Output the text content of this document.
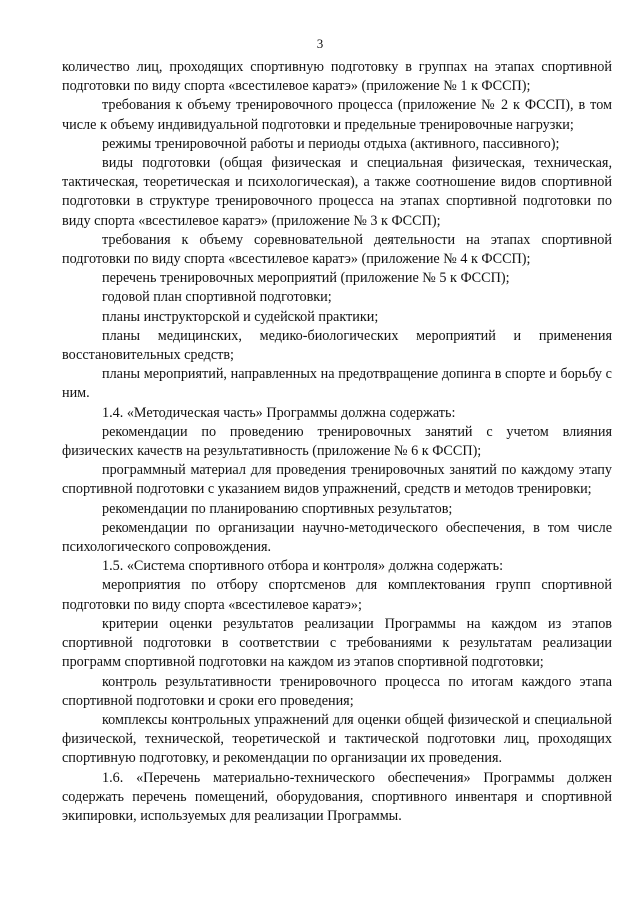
3

количество лиц, проходящих спортивную подготовку в группах на этапах спортивной подготовки по виду спорта «всестилевое каратэ» (приложение № 1 к ФССП);

требования к объему тренировочного процесса (приложение № 2 к ФССП), в том числе к объему индивидуальной подготовки и предельные тренировочные нагрузки;

режимы тренировочной работы и периоды отдыха (активного, пассивного);

виды подготовки (общая физическая и специальная физическая, техническая, тактическая, теоретическая и психологическая), а также соотношение видов спортивной подготовки в структуре тренировочного процесса на этапах спортивной подготовки по виду спорта «всестилевое каратэ» (приложение № 3 к ФССП);

требования к объему соревновательной деятельности на этапах спортивной подготовки по виду спорта «всестилевое каратэ» (приложение № 4 к ФССП);

перечень тренировочных мероприятий (приложение № 5 к ФССП);

годовой план спортивной подготовки;

планы инструкторской и судейской практики;

планы медицинских, медико-биологических мероприятий и применения восстановительных средств;

планы мероприятий, направленных на предотвращение допинга в спорте и борьбу с ним.

1.4. «Методическая часть» Программы должна содержать:

рекомендации по проведению тренировочных занятий с учетом влияния физических качеств на результативность (приложение № 6 к ФССП);

программный материал для проведения тренировочных занятий по каждому этапу спортивной подготовки с указанием видов упражнений, средств и методов тренировки;

рекомендации по планированию спортивных результатов;

рекомендации по организации научно-методического обеспечения, в том числе психологического сопровождения.

1.5. «Система спортивного отбора и контроля» должна содержать:

мероприятия по отбору спортсменов для комплектования групп спортивной подготовки по виду спорта «всестилевое каратэ»;

критерии оценки результатов реализации Программы на каждом из этапов спортивной подготовки в соответствии с требованиями к результатам реализации программ спортивной подготовки на каждом из этапов спортивной подготовки;

контроль результативности тренировочного процесса по итогам каждого этапа спортивной подготовки и сроки его проведения;

комплексы контрольных упражнений для оценки общей физической и специальной физической, технической, теоретической и тактической подготовки лиц, проходящих спортивную подготовку, и рекомендации по организации их проведения.

1.6. «Перечень материально-технического обеспечения» Программы должен содержать перечень помещений, оборудования, спортивного инвентаря и спортивной экипировки, используемых для реализации Программы.
